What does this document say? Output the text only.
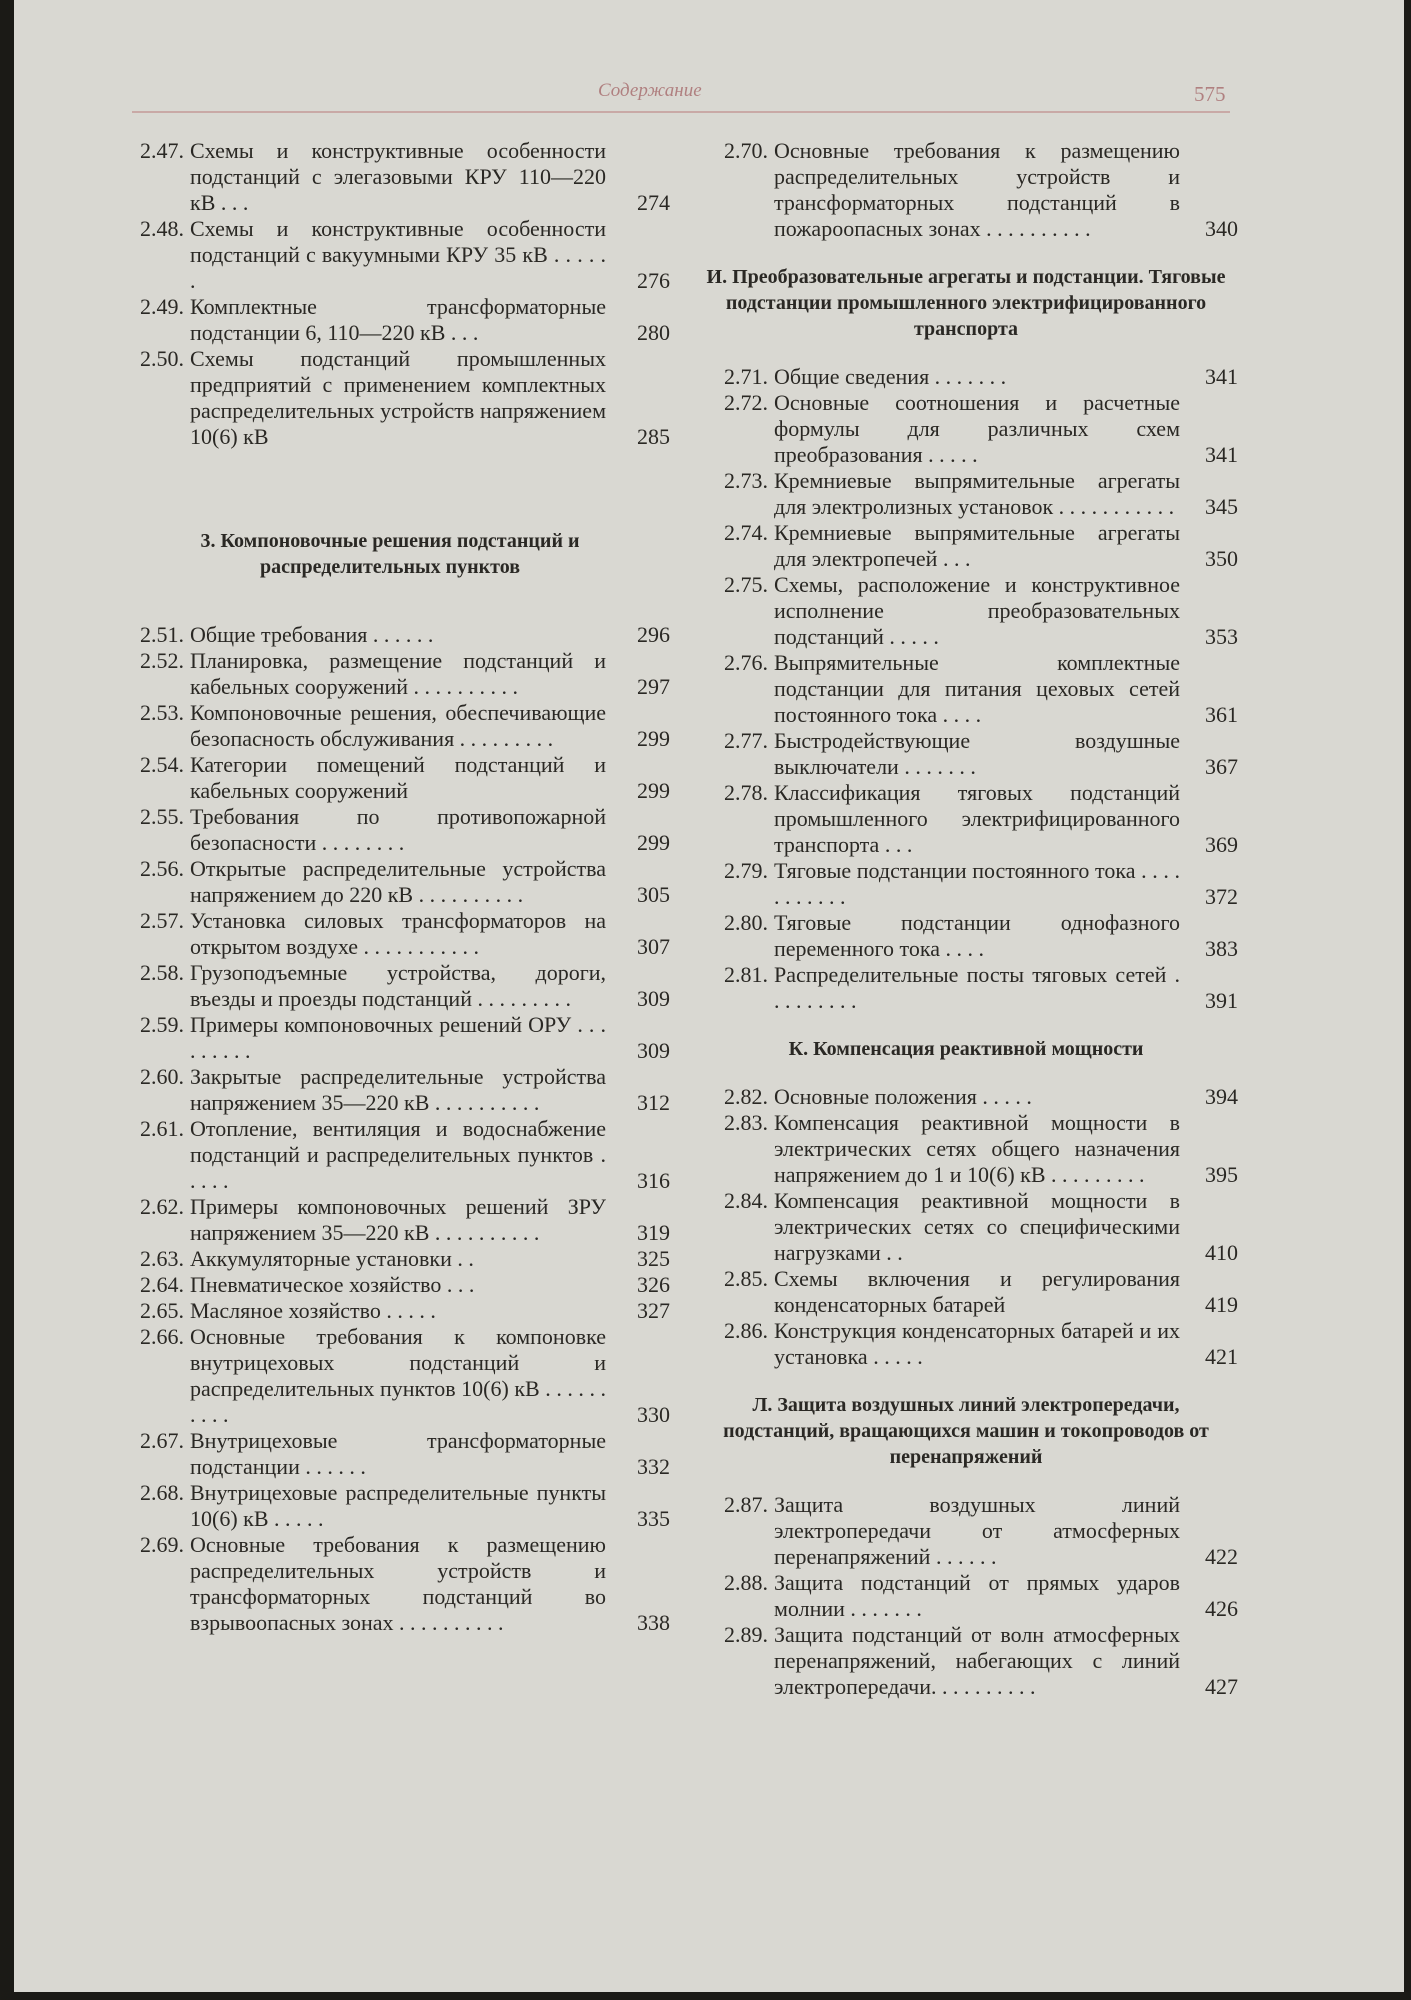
Содержание	575
2.47. Схемы и конструктивные особенности подстанций с элегазовыми КРУ 110—220 кВ . . .	274
2.48. Схемы и конструктивные особенности подстанций с вакуумными КРУ 35 кВ . . . . . .	276
2.49. Комплектные трансформаторные подстанции 6, 110—220 кВ . . .	280
2.50. Схемы подстанций промышленных предприятий с применением комплектных распределительных устройств напряжением 10(6) кВ	285
3. Компоновочные решения подстанций и распределительных пунктов
2.51. Общие требования . . . . . .	296
2.52. Планировка, размещение подстанций и кабельных сооружений . . . . . . . . . .	297
2.53. Компоновочные решения, обеспечивающие безопасность обслуживания . . . . . . . . .	299
2.54. Категории помещений подстанций и кабельных сооружений	299
2.55. Требования по противопожарной безопасности . . . . . . . .	299
2.56. Открытые распределительные устройства напряжением до 220 кВ . . . . . . . . . .	305
2.57. Установка силовых трансформаторов на открытом воздухе . . . . . . . . . . .	307
2.58. Грузоподъемные устройства, дороги, въезды и проезды подстанций . . . . . . . . .	309
2.59. Примеры компоновочных решений ОРУ . . . . . . . . .	309
2.60. Закрытые распределительные устройства напряжением 35—220 кВ . . . . . . . . . .	312
2.61. Отопление, вентиляция и водоснабжение подстанций и распределительных пунктов . . . . .	316
2.62. Примеры компоновочных решений ЗРУ напряжением 35—220 кВ . . . . . . . . . .	319
2.63. Аккумуляторные установки . .	325
2.64. Пневматическое хозяйство . . .	326
2.65. Масляное хозяйство . . . . .	327
2.66. Основные требования к компоновке внутрицеховых подстанций и распределительных пунктов 10(6) кВ . . . . . . . . . .	330
2.67. Внутрицеховые трансформаторные подстанции . . . . . .	332
2.68. Внутрицеховые распределительные пункты 10(6) кВ . . . . .	335
2.69. Основные требования к размещению распределительных устройств и трансформаторных подстанций во взрывоопасных зонах . . . . . . . . . .	338
2.70. Основные требования к размещению распределительных устройств и трансформаторных подстанций в пожароопасных зонах . . . . . . . . . .	340
И. Преобразовательные агрегаты и подстанции. Тяговые подстанции промышленного электрифицированного транспорта
2.71. Общие сведения . . . . . . .	341
2.72. Основные соотношения и расчетные формулы для различных схем преобразования . . . . .	341
2.73. Кремниевые выпрямительные агрегаты для электролизных установок . . . . . . . . . . .	345
2.74. Кремниевые выпрямительные агрегаты для электропечей . . .	350
2.75. Схемы, расположение и конструктивное исполнение преобразовательных подстанций . . . . .	353
2.76. Выпрямительные комплектные подстанции для питания цеховых сетей постоянного тока . . . .	361
2.77. Быстродействующие воздушные выключатели . . . . . . .	367
2.78. Классификация тяговых подстанций промышленного электрифицированного транспорта . . .	369
2.79. Тяговые подстанции постоянного тока . . . . . . . . . . .	372
2.80. Тяговые подстанции однофазного переменного тока . . . .	383
2.81. Распределительные посты тяговых сетей . . . . . . . . .	391
К. Компенсация реактивной мощности
2.82. Основные положения . . . . .	394
2.83. Компенсация реактивной мощности в электрических сетях общего назначения напряжением до 1 и 10(6) кВ . . . . . . . . .	395
2.84. Компенсация реактивной мощности в электрических сетях со специфическими нагрузками . .	410
2.85. Схемы включения и регулирования конденсаторных батарей	419
2.86. Конструкция конденсаторных батарей и их установка . . . . .	421
Л. Защита воздушных линий электропередачи, подстанций, вращающихся машин и токопроводов от перенапряжений
2.87. Защита воздушных линий электропередачи от атмосферных перенапряжений . . . . . .	422
2.88. Защита подстанций от прямых ударов молнии . . . . . . .	426
2.89. Защита подстанций от волн атмосферных перенапряжений, набегающих с линий электропередачи. . . . . . . . . .	427
